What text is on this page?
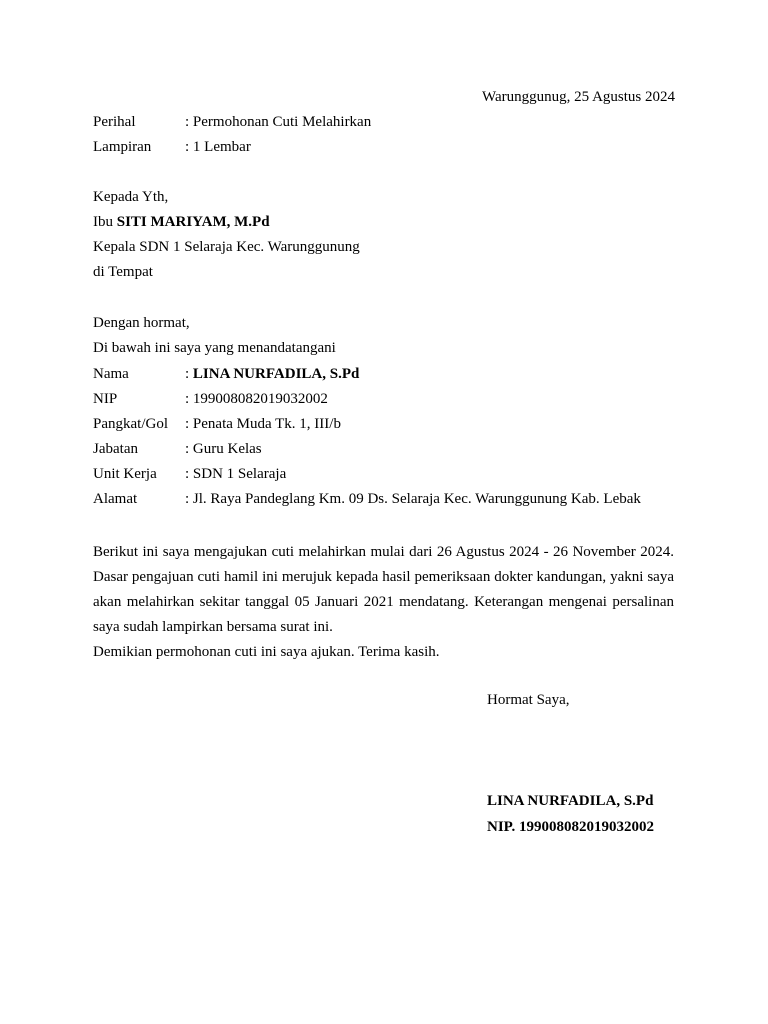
Warunggunug, 25 Agustus 2024
Perihal	: Permohonan Cuti Melahirkan
Lampiran : 1 Lembar
Kepada Yth,
Ibu SITI MARIYAM, M.Pd
Kepala SDN 1 Selaraja Kec. Warunggunung
di Tempat
Dengan hormat,
Di bawah ini saya yang menandatangani
Nama	: LINA NURFADILA, S.Pd
NIP	: 199008082019032002
Pangkat/Gol : Penata Muda Tk. 1, III/b
Jabatan	: Guru Kelas
Unit Kerja : SDN 1 Selaraja
Alamat	: Jl. Raya Pandeglang Km. 09 Ds. Selaraja Kec. Warunggunung Kab. Lebak

Berikut ini saya mengajukan cuti melahirkan mulai dari 26 Agustus 2024 - 26 November 2024. Dasar pengajuan cuti hamil ini merujuk kepada hasil pemeriksaan dokter kandungan, yakni saya akan melahirkan sekitar tanggal 05 Januari 2021 mendatang. Keterangan mengenai persalinan saya sudah lampirkan bersama surat ini.

Demikian permohonan cuti ini saya ajukan. Terima kasih.

Hormat Saya,
LINA NURFADILA, S.Pd
NIP. 199008082019032002
